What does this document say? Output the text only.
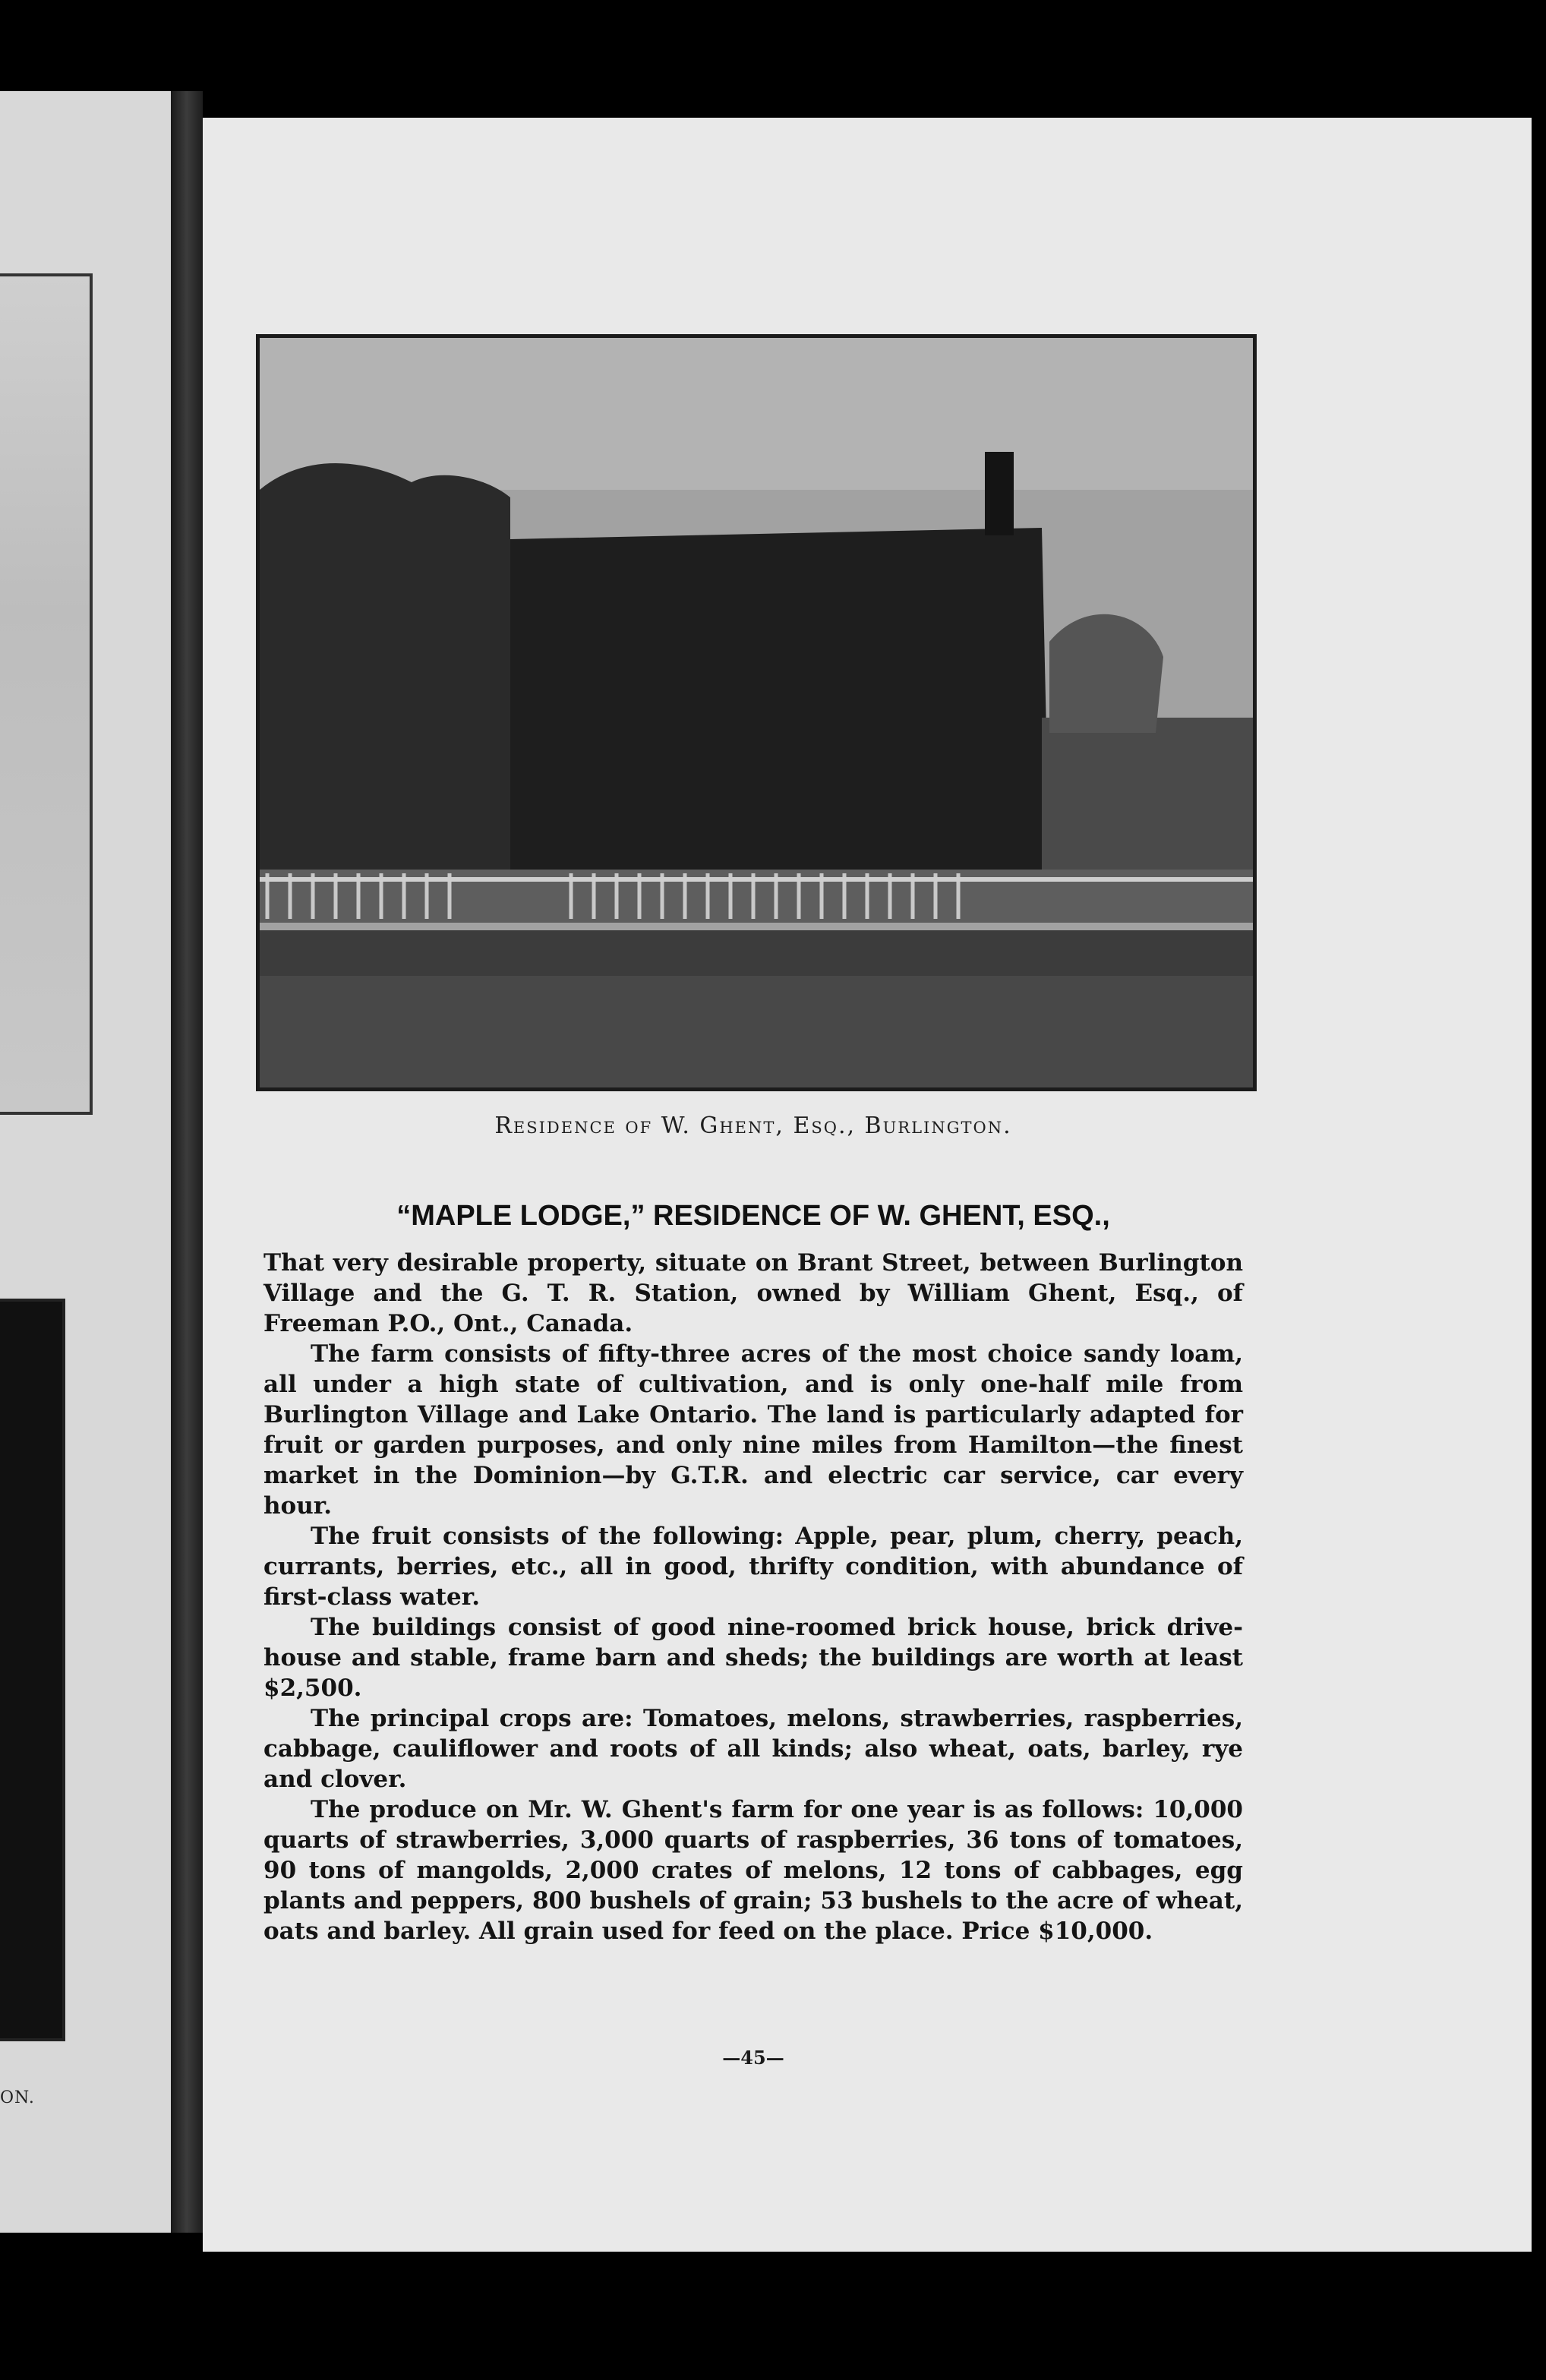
ON.
Residence of W. Ghent, Esq., Burlington.
“MAPLE LODGE,” RESIDENCE OF W. GHENT, ESQ.,

That very desirable property, situate on Brant Street, between Burlington Village and the G. T. R. Station, owned by William Ghent, Esq., of Freeman P.O., Ont., Canada.

The farm consists of fifty-three acres of the most choice sandy loam, all under a high state of cultivation, and is only one-half mile from Burlington Village and Lake Ontario. The land is particularly adapted for fruit or garden purposes, and only nine miles from Hamilton—the finest market in the Dominion—by G.T.R. and electric car service, car every hour.

The fruit consists of the following: Apple, pear, plum, cherry, peach, currants, berries, etc., all in good, thrifty condition, with abundance of first-class water.

The buildings consist of good nine-roomed brick house, brick drive-house and stable, frame barn and sheds; the buildings are worth at least $2,500.

The principal crops are: Tomatoes, melons, strawberries, raspberries, cabbage, cauliflower and roots of all kinds; also wheat, oats, barley, rye and clover.

The produce on Mr. W. Ghent's farm for one year is as follows: 10,000 quarts of strawberries, 3,000 quarts of raspberries, 36 tons of tomatoes, 90 tons of mangolds, 2,000 crates of melons, 12 tons of cabbages, egg plants and peppers, 800 bushels of grain; 53 bushels to the acre of wheat, oats and barley. All grain used for feed on the place. Price $10,000.

—45—
